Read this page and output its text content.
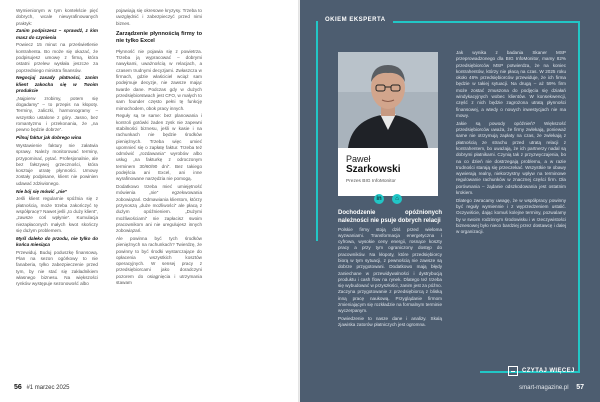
Wymienionym w tym kontekście pięć dobrych, wcale niewyrafinowanych praktyk:

Zanim podpiszesz – sprawdź, z kim masz do czynienia

Powiecz 15 minut na prześwietlenie kontrahenta. Bo może się okazać, że podpisujesz umowę z firmą, która ostatni przelew wysłała jeszcze za poprzedniego ministra finansów.

Negocjuj zasady płatności, zanim klient zakocha się w Twoim produkcie

„Najpierw zrobimy, potem się dogadamy” – to przepis na kłopoty. Terminy, zaliczki, harmonogramy – wszystko ustalone z góry. Jasno, bez romantyzmu i przekonania, że „na pewno będzie dobrze”.

Pilnuj faktur jak dobrego wina

Wystawienie faktury nie załatwia sprawy. Należy monitorować terminy, przypominać, pytać. Profesjonalnie, ale bez fałszywej grzeczności, która kosztuje utratę płynności. Umowy zostały podpisane, klient nie powinien udawać zdziwionego.

Nie bój się mówić „nie”

Jeśli klient regularnie spóźnia się z płatnością, może trzeba zakończyć tę współpracę? Nawet jeśli „to duży klient”, „zawsze coś wpłynie”. Kumulacja niezapłaconych małych kwot skończy się dużym problemem.

Myśl daleko do przodu, nie tylko do końca miesiąca

Przewiduj. Buduj poduszkę finansową. Plan na sezon ogórkowy to nie fanaberia, tylko zabezpieczenie przed tym, by nie stać się zakładnikiem własnego biznesu. Na większości rynków występuje sezonowość albo

pojawiają się okresowe kryzysy. Trzeba to uwzględnić i zabezpieczyć przed nimi biznes.

Zarządzenie płynnością firmy to nie tylko Excel

Płynność nie pojawia się z powietrza. Trzeba ją wypracować – dobrymi nawykami, uważnością w relacjach, a czasem trudnymi decyzjami. Zwłaszcza w firmach, gdzie właściciel wciąż sam podejmuje decyzje, nie zawsze mając twarde dane. Podczas gdy w dużych przedsiębiorstwach jest CFO, w małych to sam founder często pełni tę funkcję mimochodem, obok pracy innych.

Reguły są te same: bez planowania i kontroli gotówki żaden zysk nie zapewni stabilności biznesu, jeśli w kasie i na rachunkach nie będzie środków pieniężnych. Trzeba więc umieć upomnieć się o zapłatę faktur. Trzeba też odmówić „rozdawania” wyrobów albo usług „na fakturkę z odroczonym terminem 30/60/90 dni”. Bez takiego podejścia ani Excel, ani inne wyrafinowane narzędzia nie pomogą.

Dodatkowo trzeba mieć umiejętność mówienia „nie” egzekwowania zobowiązań. Odmawiania klientom, którzy przynoszą „duże możliwości” ale płacą z dużym opóźnieniem. „Dużymi możliwościami” nie zapłacisz swoim pracownikom ani nie uregulujesz innych zobowiązań.

Ale powinna być tych środków pieniężnych na rachunkach? Twierdzę, że powinny to być środki wystarczające do opłacenia wszystkich kosztów operacyjnych. W sensej pracy z przedsiębiorcami jako doradczyni pozorem do osiągnięcia i utrzymania stawam

56 #1 marzec 2025
OKIEM EKSPERTA
Paweł
Szarkowski
Prezes BIG InfoMonitor
in	⌂

Dochodzenie opóźnionych należności nie psuje dobrych relacji

Polskie firmy stoją dziś przed wieloma wyzwaniami. Transformacja energetyczna i cyfrowa, wysokie ceny energii, rosnące koszty pracy a przy tym ograniczony dostęp do pracowników. Na kłopoty, które przedsiębiorcy biorą w tym sytuacji, z pewnością nie zawsze są dobrze przygotowani. Dodatkowo mają błędy zaniechane w przewidywalności i dystrybucją produktu i cash flow na rynek. Dlatego też trzeba się wybudować w przyszłości, zanim jest za późno. Zaczyna przygotowanie z przedsiębiorcą z bliską inną pracę naukową. Przyglądanie firmom zmieniającym się rozkładzie na formalnym terminie wyczerpanym.

Powiedzenie to nasze dane i analizy. Skalą zjawiska zatorów płatniczych jest ogromna.

Jak wynika z badania Skaner MSP przeprowadzonego dla BIG InfoMonitor, mamy 82% przedsiębiorców MSP potwierdza, że na koniec kontrahentów, którzy nie płacą na czas. W 2025 roku około 46% przedsiębiorców przewiduje, że ich firma będzie w takiej sytuacji. Na drugą – aż 59% firm może zostać zmuszona do podjęcia się działań windykacyjnych wobec klientów. W konsekwencji, część z nich będzie zagrożona utratą płynności finansowej, a wtedy o nowych inwestycjach nie ma mowy.

Jakie są powody opóźnień? Większość przedsiębiorców uważa, że firmy zwlekają, ponieważ same nie otrzymują zapłaty na czas, że zwlekają z płatnością ze strachu przed utratą relacji z kontrahentem, bo uważają, że ich partnerzy nadal są dobrymi płatnikami. Czynią tak z przyzwyczajenia, bo na co dzień nie dostrzegają problemu, a w razie trudności starają się przeczekać. Wszystkie te obawy wywierają realny, niekorzystny wpływ na terminowe regulowanie rachunków w znacznej części firm. Dla porównania – żądanie odszkodowania jest ostatnim krokiem.

Dlatego zwracamy uwagę, że w współpracy powinny być reguły wymiennie i z wyprzedzeniem ustalić. Oczywiście, dając komuś kolejne terminy, pozwalamy by w swoim rodzinnym środowisku i w rzeczywistości biznesowej było nieco bardziej przez dostawcę i dalej w organizacji.

CZYTAJ WIĘCEJ
smart-magazine.pl 57
